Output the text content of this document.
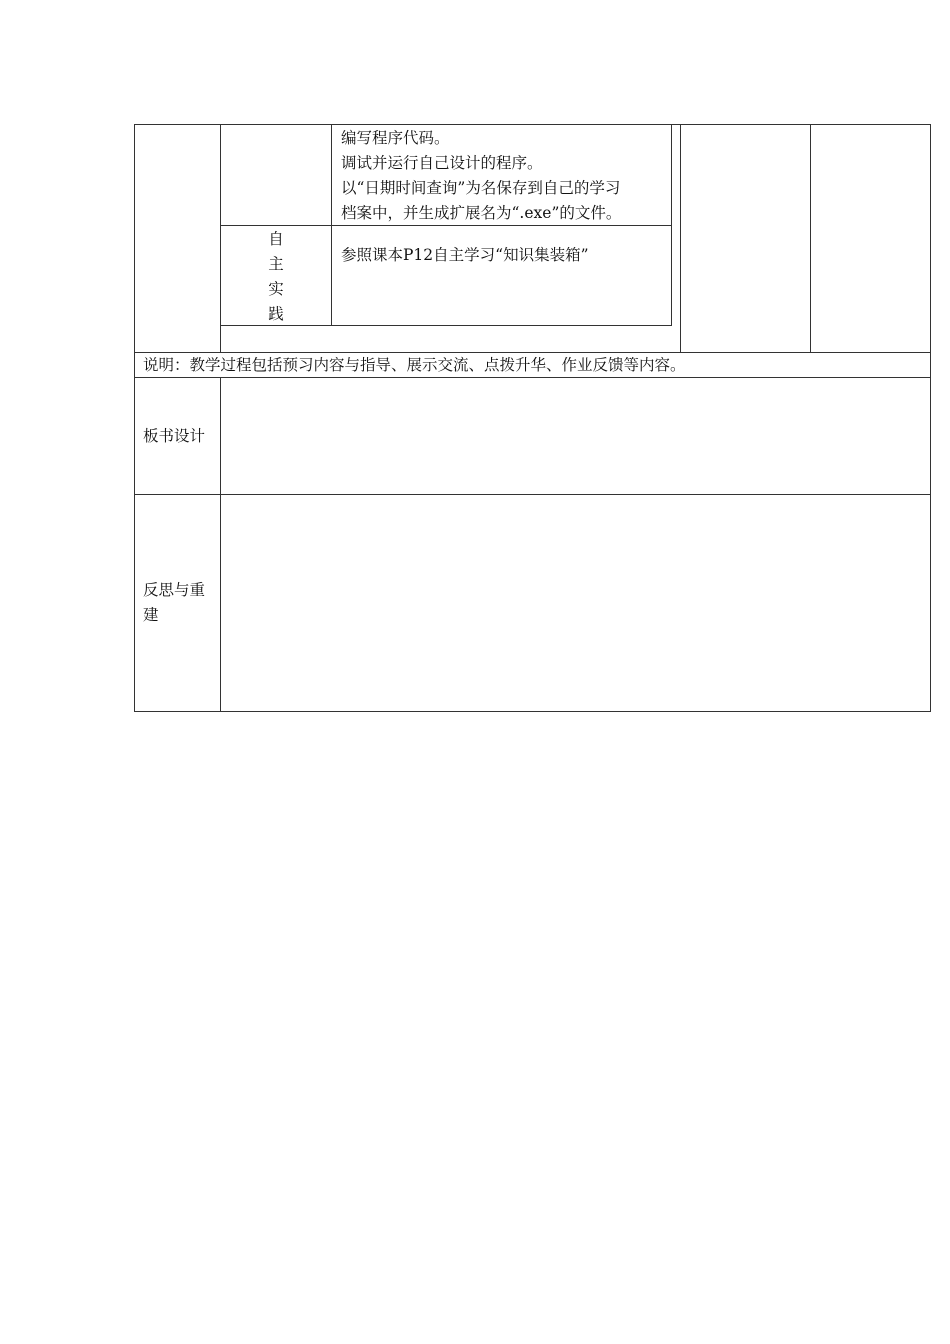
编写程序代码。
调试并运行自己设计的程序。
以“日期时间查询”为名保存到自己的学习
档案中，并生成扩展名为“.exe”的文件。
自
主
实
践
参照课本P12自主学习“知识集装箱”
说明：教学过程包括预习内容与指导、展示交流、点拨升华、作业反馈等内容。
板书设计
反思与重
建
